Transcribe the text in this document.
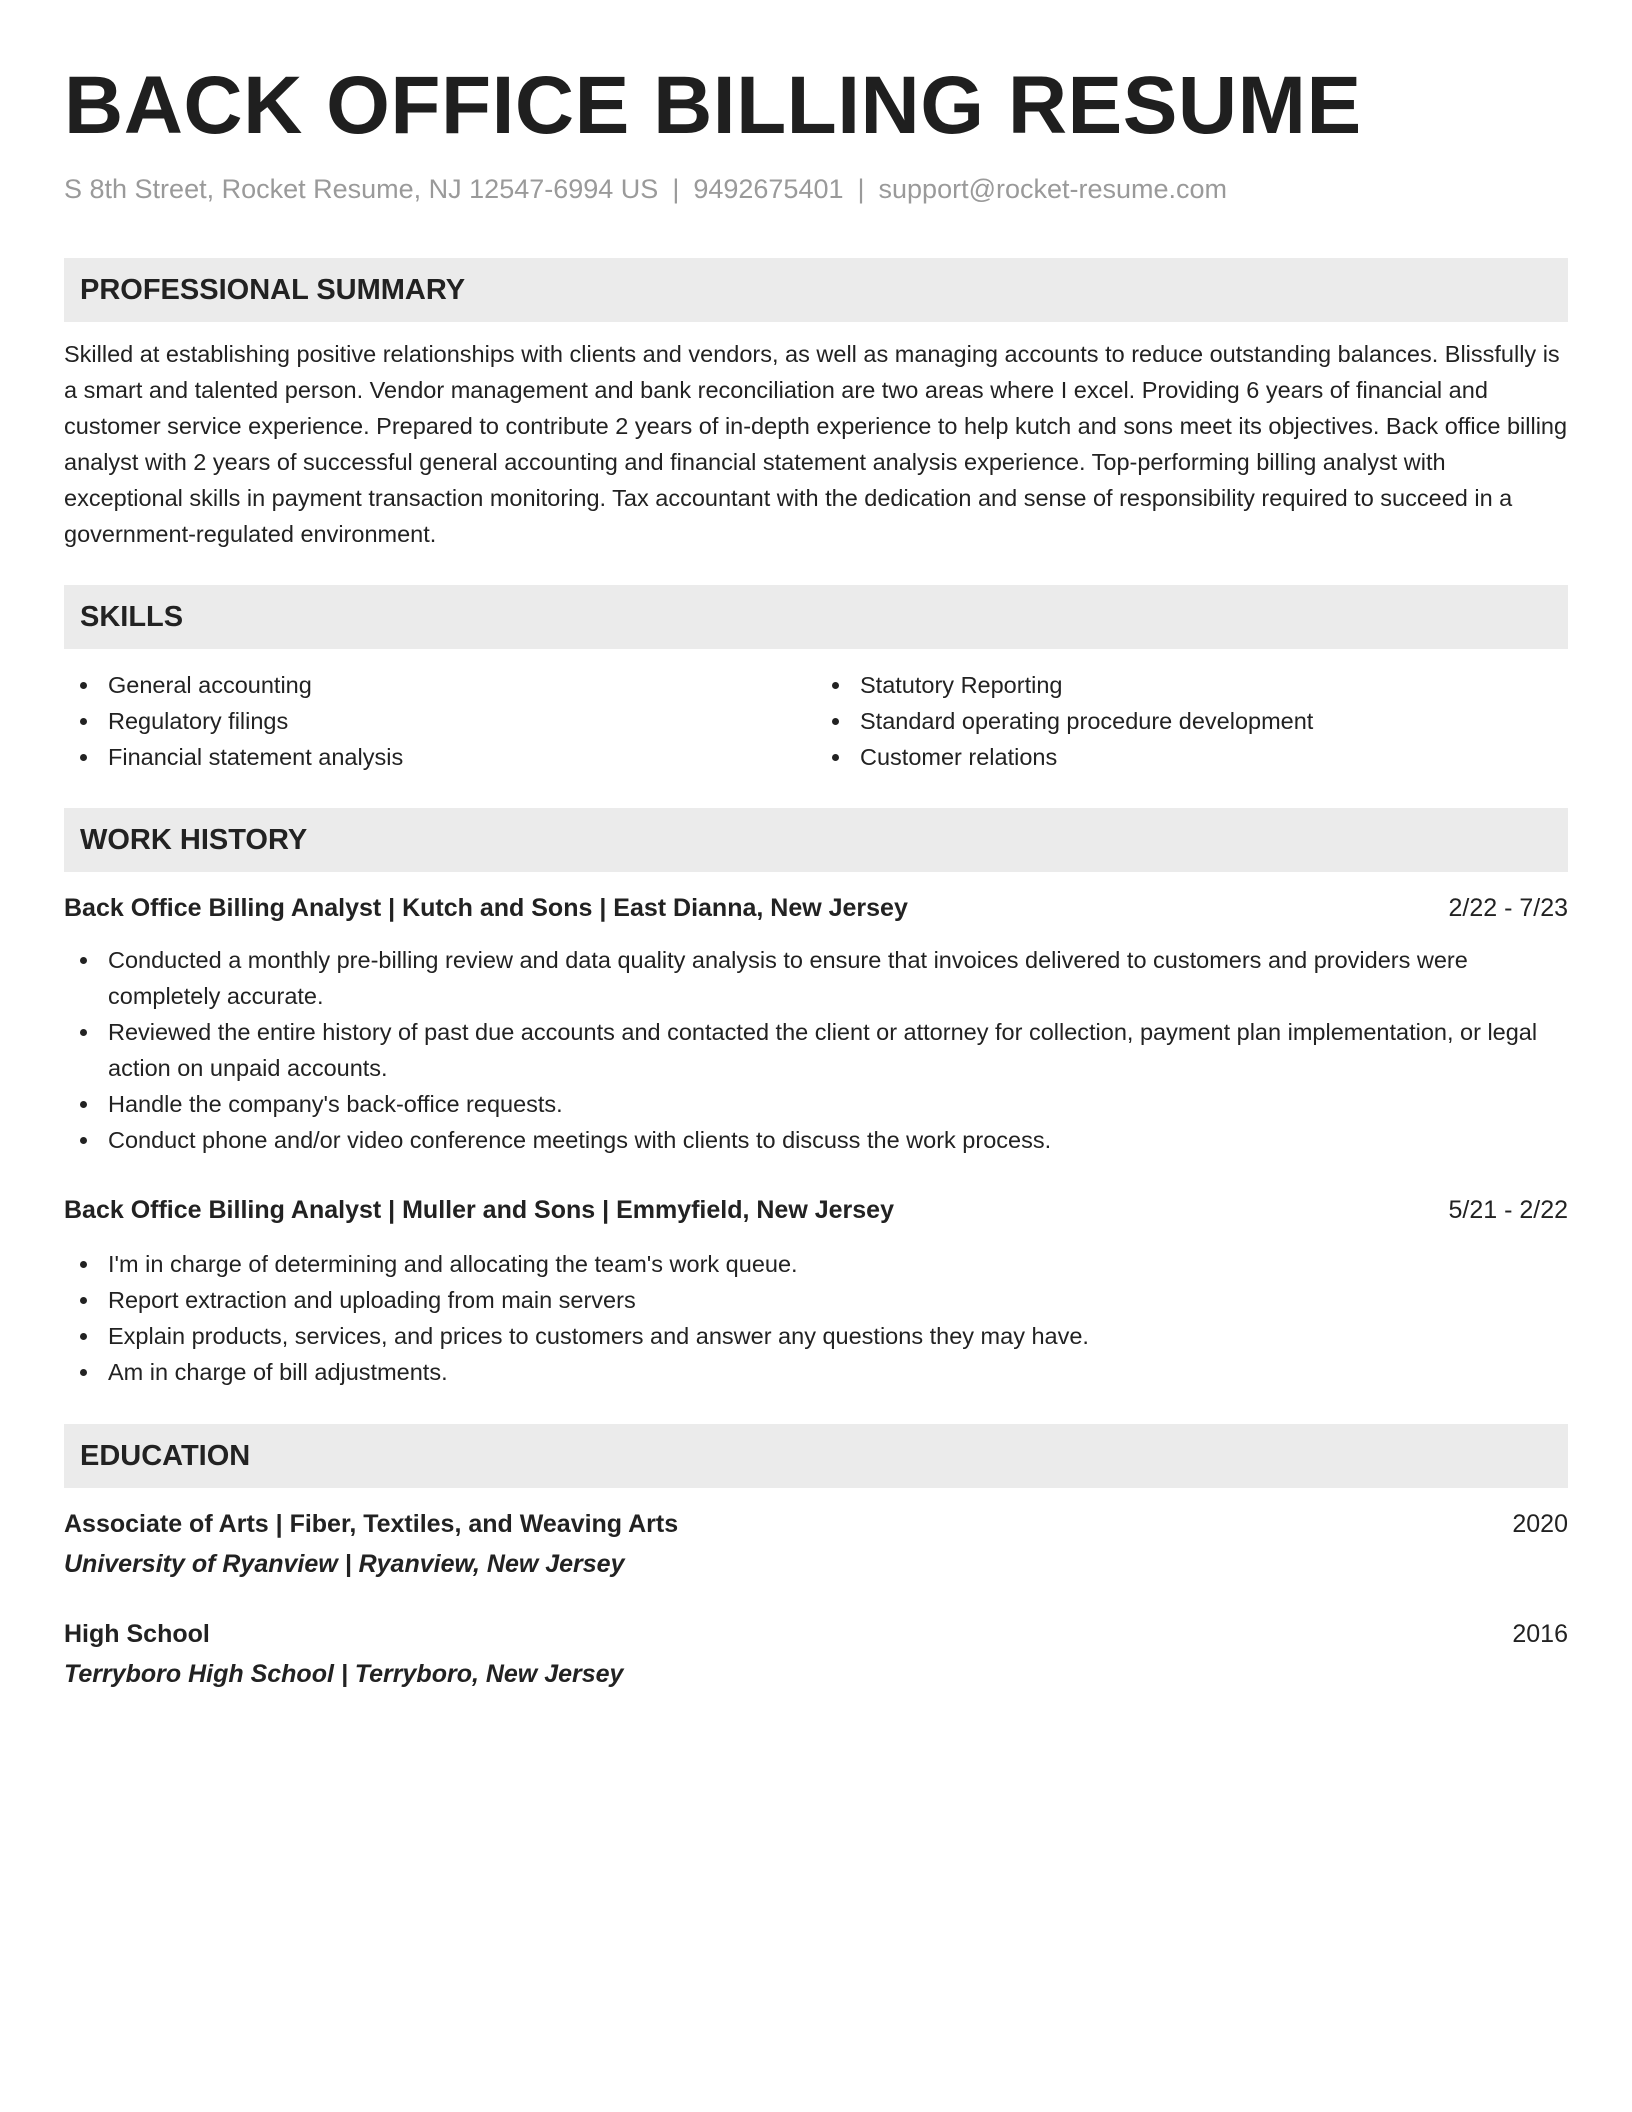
BACK OFFICE BILLING RESUME
S 8th Street, Rocket Resume, NJ 12547-6994 US | 9492675401 | support@rocket-resume.com
PROFESSIONAL SUMMARY
Skilled at establishing positive relationships with clients and vendors, as well as managing accounts to reduce outstanding balances. Blissfully is a smart and talented person. Vendor management and bank reconciliation are two areas where I excel. Providing 6 years of financial and customer service experience. Prepared to contribute 2 years of in-depth experience to help kutch and sons meet its objectives. Back office billing analyst with 2 years of successful general accounting and financial statement analysis experience. Top-performing billing analyst with exceptional skills in payment transaction monitoring. Tax accountant with the dedication and sense of responsibility required to succeed in a government-regulated environment.
SKILLS
General accounting
Regulatory filings
Financial statement analysis
Statutory Reporting
Standard operating procedure development
Customer relations
WORK HISTORY
Back Office Billing Analyst | Kutch and Sons | East Dianna, New Jersey	2/22 - 7/23
Conducted a monthly pre-billing review and data quality analysis to ensure that invoices delivered to customers and providers were completely accurate.
Reviewed the entire history of past due accounts and contacted the client or attorney for collection, payment plan implementation, or legal action on unpaid accounts.
Handle the company's back-office requests.
Conduct phone and/or video conference meetings with clients to discuss the work process.
Back Office Billing Analyst | Muller and Sons | Emmyfield, New Jersey	5/21 - 2/22
I'm in charge of determining and allocating the team's work queue.
Report extraction and uploading from main servers
Explain products, services, and prices to customers and answer any questions they may have.
Am in charge of bill adjustments.
EDUCATION
Associate of Arts | Fiber, Textiles, and Weaving Arts	2020
University of Ryanview | Ryanview, New Jersey
High School	2016
Terryboro High School | Terryboro, New Jersey
